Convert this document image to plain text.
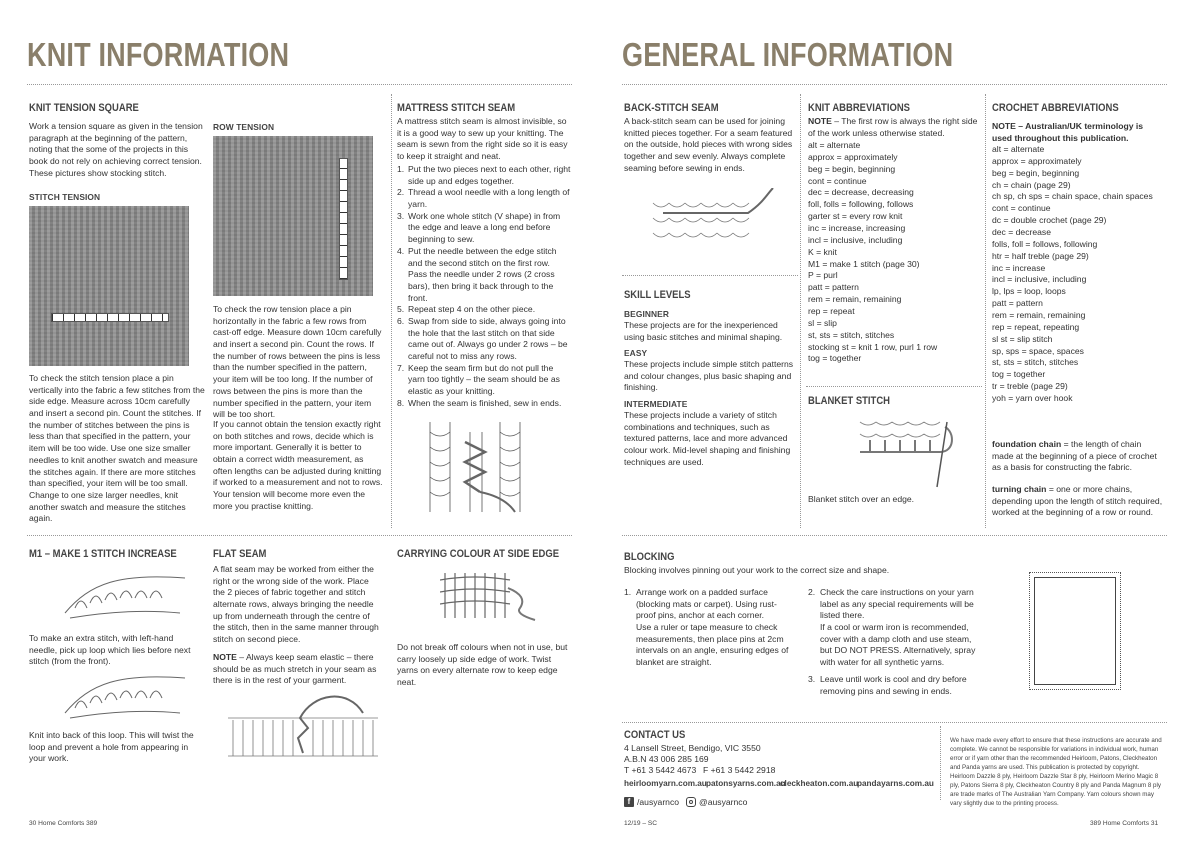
KNIT INFORMATION
KNIT TENSION SQUARE
Work a tension square as given in the tension paragraph at the beginning of the pattern, noting that the some of the projects in this book do not rely on achieving correct tension. These pictures show stocking stitch.
STITCH TENSION
To check the stitch tension place a pin vertically into the fabric a few stitches from the side edge. Measure across 10cm carefully and insert a second pin. Count the stitches. If the number of stitches between the pins is less than that specified in the pattern, your item will be too wide. Use one size smaller needles to knit another swatch and measure the stitches again. If there are more stitches than specified, your item will be too small. Change to one size larger needles, knit another swatch and measure the stitches again.
ROW TENSION
To check the row tension place a pin horizontally in the fabric a few rows from cast-off edge. Measure down 10cm carefully and insert a second pin. Count the rows. If the number of rows between the pins is less than the number specified in the pattern, your item will be too long. If the number of rows between the pins is more than the number specified in the pattern, your item will be too short.
If you cannot obtain the tension exactly right on both stitches and rows, decide which is more important. Generally it is better to obtain a correct width measurement, as often lengths can be adjusted during knitting if worked to a measurement and not to rows. Your tension will become more even the more you practise knitting.
MATTRESS STITCH SEAM
A mattress stitch seam is almost invisible, so it is a good way to sew up your knitting. The seam is sewn from the right side so it is easy to keep it straight and neat.
1. Put the two pieces next to each other, right side up and edges together.
2. Thread a wool needle with a long length of yarn.
3. Work one whole stitch (V shape) in from the edge and leave a long end before beginning to sew.
4. Put the needle between the edge stitch and the second stitch on the first row. Pass the needle under 2 rows (2 cross bars), then bring it back through to the front.
5. Repeat step 4 on the other piece.
6. Swap from side to side, always going into the hole that the last stitch on that side came out of. Always go under 2 rows – be careful not to miss any rows.
7. Keep the seam firm but do not pull the yarn too tightly – the seam should be as elastic as your knitting.
8. When the seam is finished, sew in ends.
M1 – MAKE 1 STITCH INCREASE
To make an extra stitch, with left-hand needle, pick up loop which lies before next stitch (from the front).
Knit into back of this loop. This will twist the loop and prevent a hole from appearing in your work.
FLAT SEAM
A flat seam may be worked from either the right or the wrong side of the work. Place the 2 pieces of fabric together and stitch alternate rows, always bringing the needle up from underneath through the centre of the stitch, then in the same manner through stitch on second piece.
NOTE – Always keep seam elastic – there should be as much stretch in your seam as there is in the rest of your garment.
CARRYING COLOUR AT SIDE EDGE
Do not break off colours when not in use, but carry loosely up side edge of work. Twist yarns on every alternate row to keep edge neat.
30 Home Comforts 389
GENERAL INFORMATION
BACK-STITCH SEAM
A back-stitch seam can be used for joining knitted pieces together. For a seam featured on the outside, hold pieces with wrong sides together and sew evenly. Always complete seaming before sewing in ends.
SKILL LEVELS
BEGINNER
These projects are for the inexperienced using basic stitches and minimal shaping.
EASY
These projects include simple stitch patterns and colour changes, plus basic shaping and finishing.
INTERMEDIATE
These projects include a variety of stitch combinations and techniques, such as textured patterns, lace and more advanced colour work. Mid-level shaping and finishing techniques are used.
KNIT ABBREVIATIONS
NOTE – The first row is always the right side of the work unless otherwise stated.
alt = alternate
approx = approximately
beg = begin, beginning
cont = continue
dec = decrease, decreasing
foll, folls = following, follows
garter st = every row knit
inc = increase, increasing
incl = inclusive, including
K = knit
M1 = make 1 stitch (page 30)
P = purl
patt = pattern
rem = remain, remaining
rep = repeat
sl = slip
st, sts = stitch, stitches
stocking st = knit 1 row, purl 1 row
tog = together
BLANKET STITCH
Blanket stitch over an edge.
CROCHET ABBREVIATIONS
NOTE – Australian/UK terminology is used throughout this publication.
alt = alternate
approx = approximately
beg = begin, beginning
ch = chain (page 29)
ch sp, ch sps = chain space, chain spaces
cont = continue
dc = double crochet (page 29)
dec = decrease
folls, foll = follows, following
htr = half treble (page 29)
inc = increase
incl = inclusive, including
lp, lps = loop, loops
patt = pattern
rem = remain, remaining
rep = repeat, repeating
sl st = slip stitch
sp, sps = space, spaces
st, sts = stitch, stitches
tog = together
tr = treble (page 29)
yoh = yarn over hook
foundation chain = the length of chain made at the beginning of a piece of crochet as a basis for constructing the fabric.

turning chain = one or more chains, depending upon the length of stitch required, worked at the beginning of a row or round.
BLOCKING
Blocking involves pinning out your work to the correct size and shape.
1. Arrange work on a padded surface (blocking mats or carpet). Using rust-proof pins, anchor at each corner.
Use a ruler or tape measure to check measurements, then place pins at 2cm intervals on an angle, ensuring edges of blanket are straight.
2. Check the care instructions on your yarn label as any special requirements will be listed there.
If a cool or warm iron is recommended, cover with a damp cloth and use steam, but DO NOT PRESS. Alternatively, spray with water for all synthetic yarns.
3. Leave until work is cool and dry before removing pins and sewing in ends.
CONTACT US
4 Lansell Street, Bendigo, VIC 3550
A.B.N 43 006 285 169
T +61 3 5442 4673 F +61 3 5442 2918
heirloomyarn.com.au patonsyarns.com.au
cleckheaton.com.au
pandayarns.com.au
f /ausyarnco @ausyarnco
We have made every effort to ensure that these instructions are accurate and complete. We cannot be responsible for variations in individual work, human error or if yarn other than the recommended Heirloom, Patons, Cleckheaton and Panda yarns are used. This publication is protected by copyright. Heirloom Dazzle 8 ply, Heirloom Dazzle Star 8 ply, Heirloom Merino Magic 8 ply, Patons Sierra 8 ply, Cleckheaton Country 8 ply and Panda Magnum 8 ply are trade marks of The Australian Yarn Company. Yarn colours shown may vary slightly due to the printing process.
12/19 – SC	389 Home Comforts 31
